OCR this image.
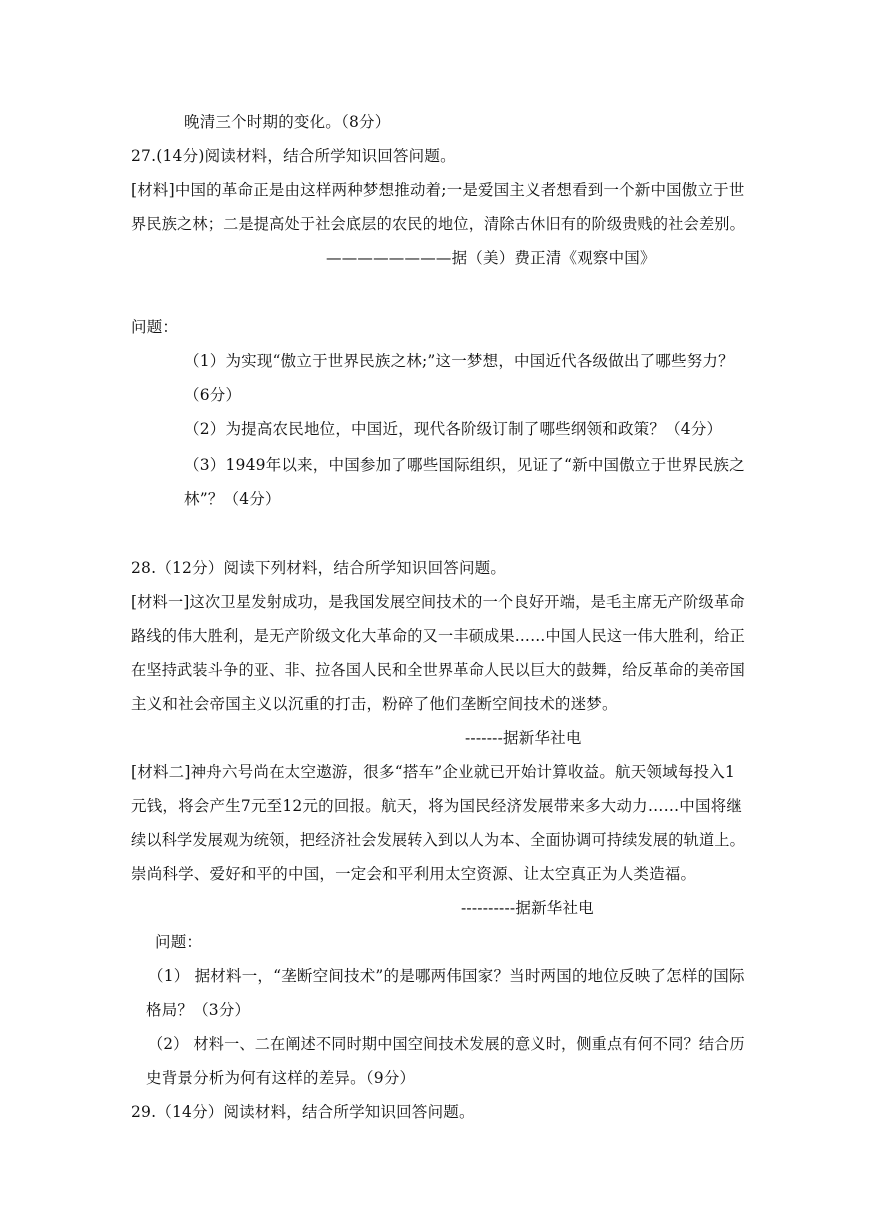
晚清三个时期的变化。（8分）
27.(14分)阅读材料，结合所学知识回答问题。
[材料]中国的革命正是由这样两种梦想推动着;一是爱国主义者想看到一个新中国傲立于世
界民族之林；二是提高处于社会底层的农民的地位，清除古休旧有的阶级贵贱的社会差别。
————————据（美）费正清《观察中国》
问题：
（1）为实现“傲立于世界民族之林;”这一梦想，中国近代各级做出了哪些努力？
（6分）
（2）为提高农民地位，中国近，现代各阶级订制了哪些纲领和政策？（4分）
（3）1949年以来，中国参加了哪些国际组织，见证了“新中国傲立于世界民族之
林”？（4分）
28.（12分）阅读下列材料，结合所学知识回答问题。
[材料一]这次卫星发射成功，是我国发展空间技术的一个良好开端，是毛主席无产阶级革命
路线的伟大胜利，是无产阶级文化大革命的又一丰硕成果……中国人民这一伟大胜利，给正
在坚持武装斗争的亚、非、拉各国人民和全世界革命人民以巨大的鼓舞，给反革命的美帝国
主义和社会帝国主义以沉重的打击，粉碎了他们垄断空间技术的迷梦。
-------据新华社电
[材料二]神舟六号尚在太空遨游，很多“搭车”企业就已开始计算收益。航天领域每投入1
元钱，将会产生7元至12元的回报。航天，将为国民经济发展带来多大动力……中国将继
续以科学发展观为统领，把经济社会发展转入到以人为本、全面协调可持续发展的轨道上。
崇尚科学、爱好和平的中国，一定会和平利用太空资源、让太空真正为人类造福。
----------据新华社电
问题：
（1） 据材料一，“垄断空间技术”的是哪两伟国家？当时两国的地位反映了怎样的国际
格局？（3分）
（2） 材料一、二在阐述不同时期中国空间技术发展的意义时，侧重点有何不同？结合历
史背景分析为何有这样的差异。（9分）
29.（14分）阅读材料，结合所学知识回答问题。
